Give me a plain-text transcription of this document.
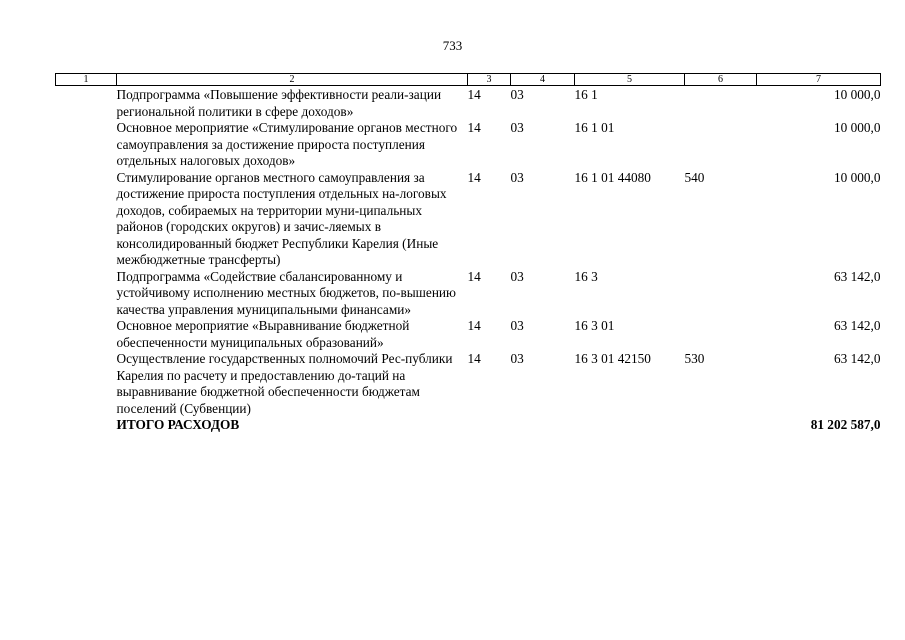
733
1	2	3	4	5	6	7
	Подпрограмма «Повышение эффективности реали-зации региональной политики в сфере доходов»	14	03	16 1		10 000,0
	Основное мероприятие «Стимулирование органов местного самоуправления за достижение прироста поступления отдельных налоговых доходов»	14	03	16 1 01		10 000,0
	Стимулирование органов местного самоуправления за достижение прироста поступления отдельных на-логовых доходов, собираемых на территории муни-ципальных районов (городских округов) и зачис-ляемых в консолидированный бюджет Республики Карелия (Иные межбюджетные трансферты)	14	03	16 1 01 44080	540	10 000,0
	Подпрограмма «Содействие сбалансированному и устойчивому исполнению местных бюджетов, по-вышению качества управления муниципальными финансами»	14	03	16 3		63 142,0
	Основное мероприятие «Выравнивание бюджетной обеспеченности муниципальных образований»	14	03	16 3 01		63 142,0
	Осуществление государственных полномочий Рес-публики Карелия по расчету и предоставлению до-таций на выравнивание бюджетной обеспеченности бюджетам поселений (Субвенции)	14	03	16 3 01 42150	530	63 142,0
	ИТОГО РАСХОДОВ					81 202 587,0
